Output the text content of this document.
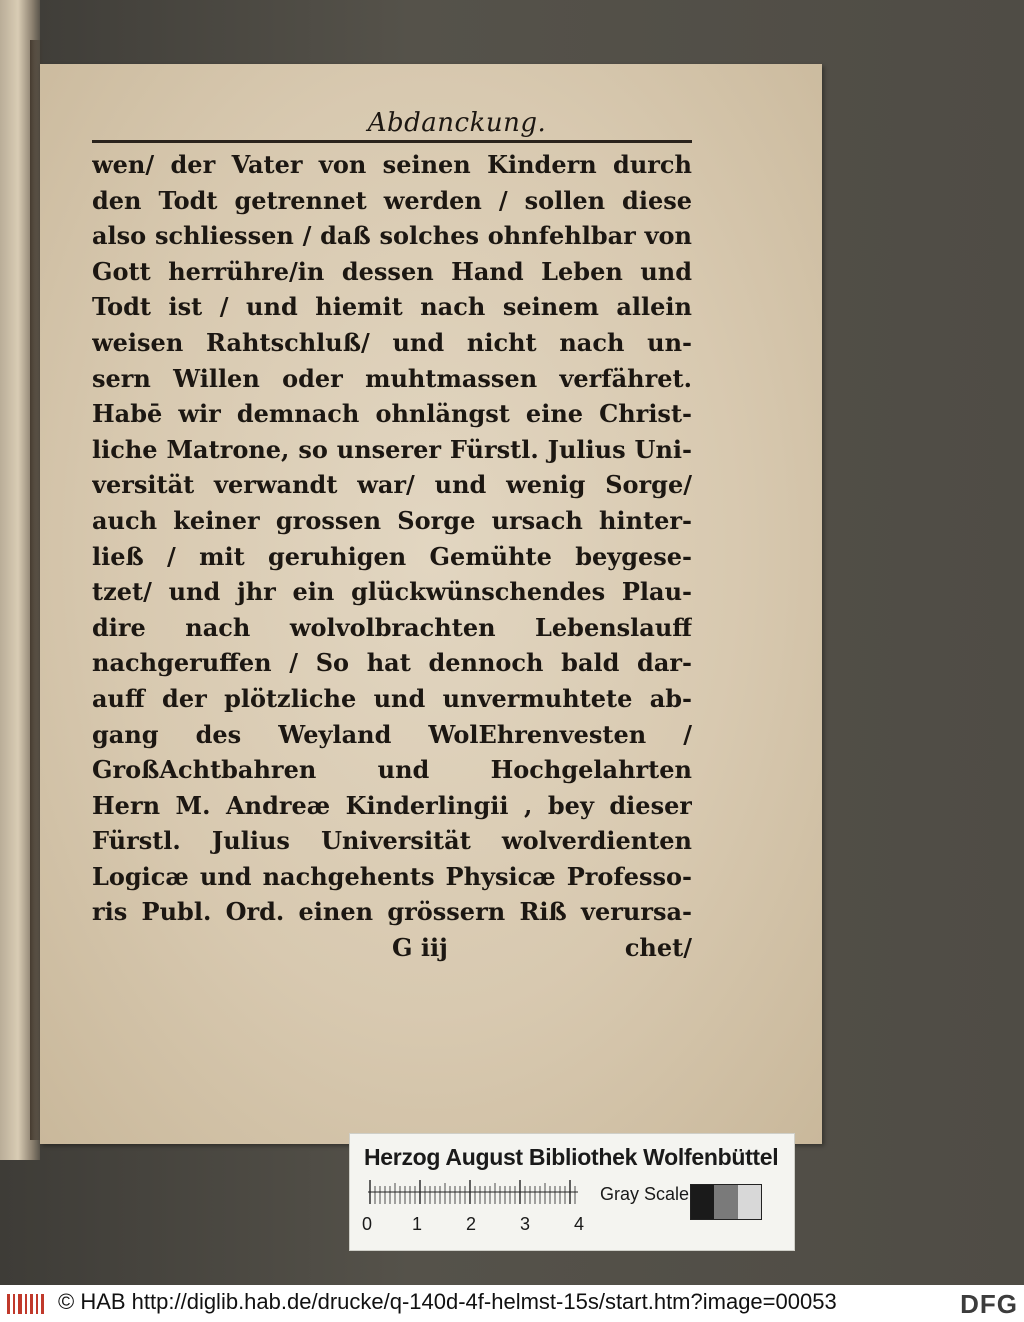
Abdanckung.
wen/ der Vater von seinen Kindern durch
den Todt getrennet werden / sollen diese
also schliessen / daß solches ohnfehlbar von
Gott herrühre/in dessen Hand Leben und
Todt ist / und hiemit nach seinem allein
weisen Rahtschluß/ und nicht nach un-
sern Willen oder muhtmassen verfähret.
Habē wir demnach ohnlängst eine Christ-
liche Matrone, so unserer Fürstl. Julius Uni-
versität verwandt war/ und wenig Sorge/
auch keiner grossen Sorge ursach hinter-
ließ / mit geruhigen Gemühte beygese-
tzet/ und jhr ein glückwünschendes Plau-
dire nach wolvolbrachten Lebenslauff
nachgeruffen / So hat dennoch bald dar-
auff der plötzliche und unvermuhtete ab-
gang des Weyland WolEhrenvesten /
GroßAchtbahren und Hochgelahrten
Hern M. Andreæ Kinderlingii , bey dieser
Fürstl. Julius Universität wolverdienten
Logicæ und nachgehents Physicæ Professo-
ris Publ. Ord. einen grössern Riß verursa-
G iij	chet/
Herzog August Bibliothek Wolfenbüttel
0 1 2 3 4
Gray Scale
© HAB http://diglib.hab.de/drucke/q-140d-4f-helmst-15s/start.htm?image=00053	DFG
